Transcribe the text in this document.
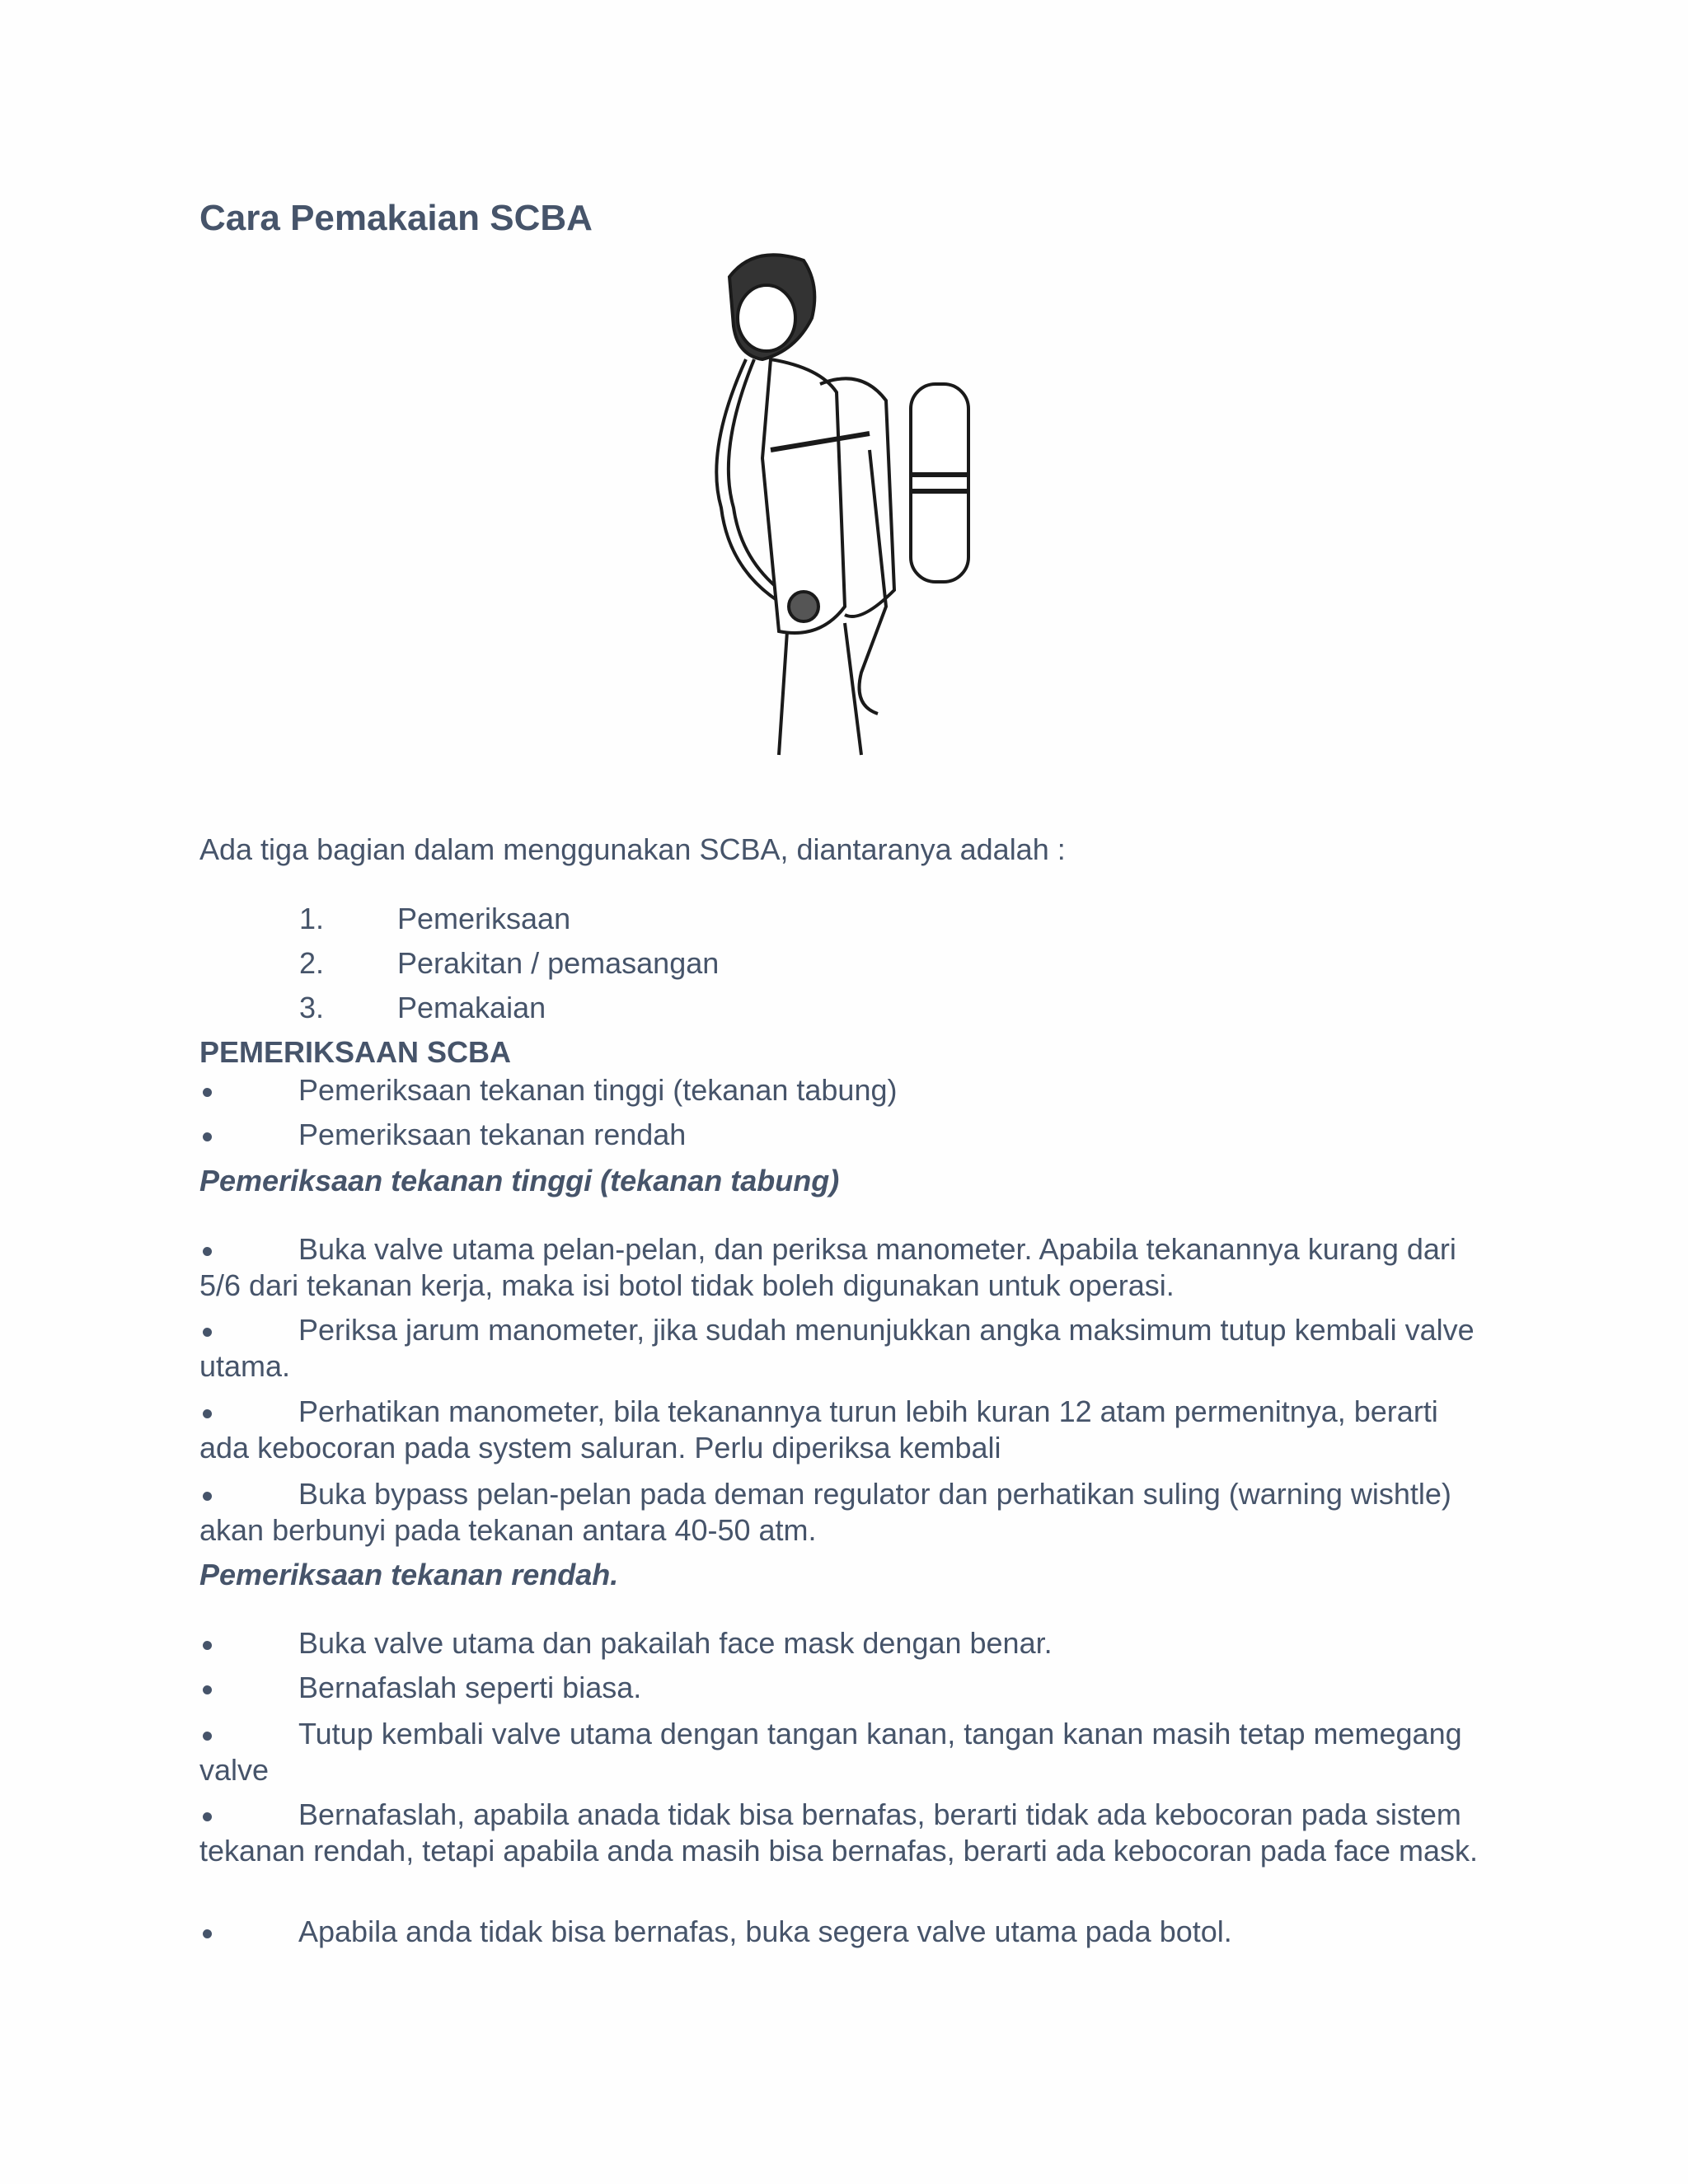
Cara Pemakaian SCBA
Ada tiga bagian dalam menggunakan SCBA, diantaranya adalah :
1. Pemeriksaan
2. Perakitan / pemasangan
3. Pemakaian
PEMERIKSAAN SCBA
Pemeriksaan tekanan tinggi (tekanan tabung)
Pemeriksaan tekanan rendah
Pemeriksaan tekanan tinggi (tekanan tabung)
Buka valve utama pelan-pelan, dan periksa manometer. Apabila tekanannya kurang dari 5/6 dari tekanan kerja, maka isi botol tidak boleh digunakan untuk operasi.
Periksa jarum manometer, jika sudah menunjukkan angka maksimum tutup kembali valve utama.
Perhatikan manometer, bila tekanannya turun lebih kuran 12 atam permenitnya, berarti ada kebocoran pada system saluran. Perlu diperiksa kembali
Buka bypass pelan-pelan pada deman regulator dan perhatikan suling (warning wishtle) akan berbunyi pada tekanan antara 40-50 atm.
Pemeriksaan tekanan rendah.
Buka valve utama dan pakailah face mask dengan benar.
Bernafaslah seperti biasa.
Tutup kembali valve utama dengan tangan kanan, tangan kanan masih tetap memegang valve
Bernafaslah, apabila anada tidak bisa bernafas, berarti tidak ada kebocoran pada sistem tekanan rendah, tetapi apabila anda masih bisa bernafas, berarti ada kebocoran pada face mask.
Apabila anda tidak bisa bernafas, buka segera valve utama pada botol.
